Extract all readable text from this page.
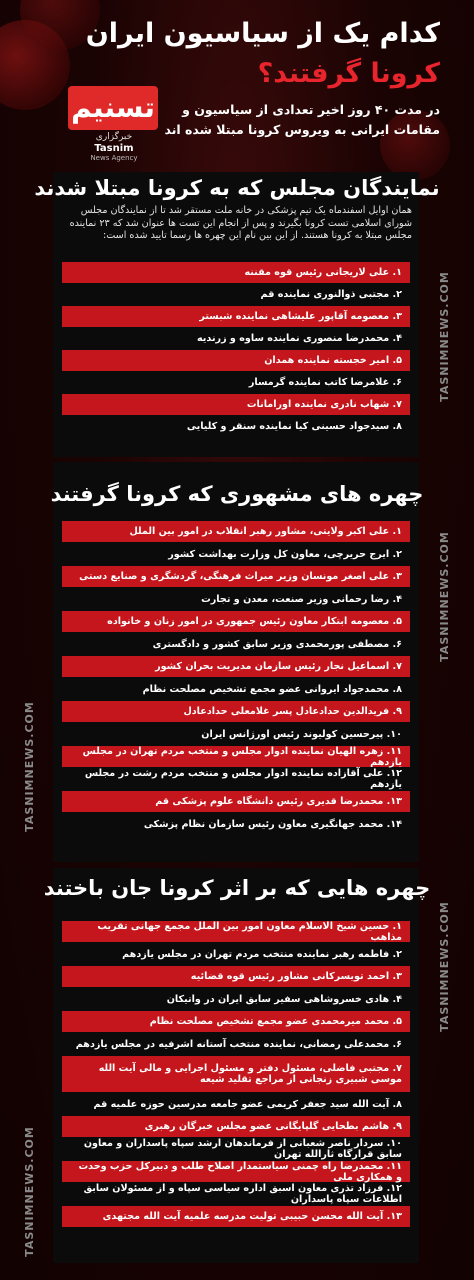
کدام یک از سیاسیون ایران
کرونا گرفتند؟
در مدت ۴۰ روز اخیر تعدادی از سیاسیون و مقامات ایرانی به ویروس کرونا مبتلا شده اند
تسنیم
خبرگزاری
Tasnim
News Agency
TASNIMNEWS.COM
TASNIMNEWS.COM
TASNIMNEWS.COM
TASNIMNEWS.COM
TASNIMNEWS.COM
نمایندگان مجلس که به کرونا مبتلا شدند
همان اوایل اسفندماه یک تیم پزشکی در خانه ملت مستقر شد تا از نمایندگان مجلس شورای اسلامی تست کرونا بگیرند و پس از انجام این تست ها عنوان شد که ۲۳ نماینده مجلس مبتلا به کرونا هستند. از این بین نام این چهره ها رسما تایید شده است:
۱. علی لاریجانی رئیس قوه مقننه
۲. مجتبی ذوالنوری نماینده قم
۳. معصومه آقاپور علیشاهی نماینده شبستر
۴. محمدرضا منصوری نماینده ساوه و زرندیه
۵. امیر خجسته نماینده همدان
۶. غلامرضا کاتب نماینده گرمسار
۷. شهاب نادری نماینده اورامانات
۸. سیدجواد حسینی کیا نماینده سنقر و کلیایی
چهره های مشهوری که کرونا گرفتند
۱. علی اکبر ولایتی، مشاور رهبر انقلاب در امور بین الملل
۲. ایرج حریرچی، معاون کل وزارت بهداشت کشور
۳. علی اصغر مونسان وزیر میراث فرهنگی، گردشگری و صنایع دستی
۴. رضا رحمانی وزیر صنعت، معدن و تجارت
۵. معصومه ابتکار معاون رئیس جمهوری در امور زنان و خانواده
۶. مصطفی پورمحمدی وزیر سابق کشور و دادگستری
۷. اسماعیل نجار رئیس سازمان مدیریت بحران کشور
۸. محمدجواد ایروانی عضو مجمع تشخیص مصلحت نظام
۹. فریدالدین حدادعادل پسر غلامعلی حدادعادل
۱۰. پیرحسین کولیوند رئیس اورژانس ایران
۱۱. زهره الهیان نماینده ادوار مجلس و منتخب مردم تهران در مجلس یازدهم
۱۲. علی آقازاده نماینده ادوار مجلس و منتخب مردم رشت در مجلس یازدهم
۱۳. محمدرضا قدیری رئیس دانشگاه علوم پزشکی قم
۱۴. محمد جهانگیری معاون رئیس سازمان نظام پزشکی
چهره هایی که بر اثر کرونا جان باختند
۱. حسین شیخ الاسلام معاون امور بین الملل مجمع جهانی تقریب مذاهب
۲. فاطمه رهبر نماینده منتخب مردم تهران در مجلس یازدهم
۳. احمد تویسرکانی مشاور رئیس قوه قضائیه
۴. هادی خسروشاهی سفیر سابق ایران در واتیکان
۵. محمد میرمحمدی عضو مجمع تشخیص مصلحت نظام
۶. محمدعلی رمضانی، نماینده منتخب آستانه اشرفیه در مجلس یازدهم
۷. مجتبی فاضلی، مسئول دفتر و مسئول اجرایی و مالی آیت الله موسی شبیری زنجانی از مراجع تقلید شیعه
۸. آیت الله سید جعفر کریمی عضو جامعه مدرسین حوزه علمیه قم
۹. هاشم بطحایی گلپایگانی عضو مجلس خبرگان رهبری
۱۰. سردار ناصر شعبانی از فرماندهان ارشد سپاه پاسداران و معاون سابق قرارگاه ثارالله تهران
۱۱. محمدرضا راه چمنی سیاستمدار اصلاح طلب و دبیرکل حزب وحدت و همکاری ملی
۱۲. فرزاد تذری معاون اسبق اداره سیاسی سپاه و از مسئولان سابق اطلاعات سپاه پاسداران
۱۳. آیت الله محسن حبیبی تولیت مدرسه علمیه آیت الله مجتهدی
